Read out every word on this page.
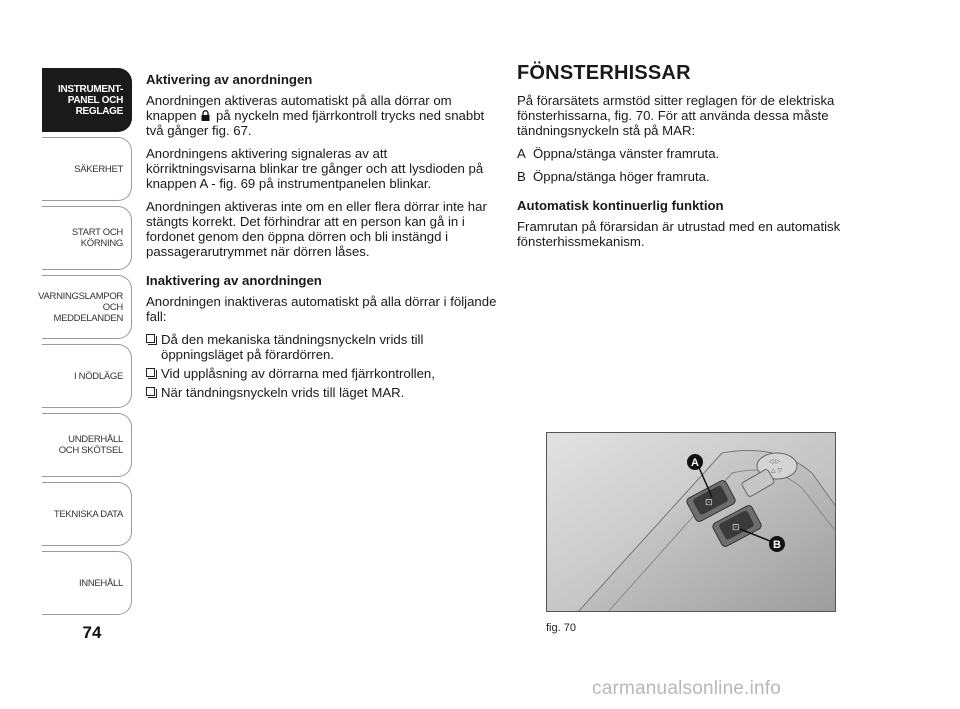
INSTRUMENT-
PANEL OCH
REGLAGE
SÄKERHET
START OCH
KÖRNING
VARNINGSLAMPOR
OCH
MEDDELANDEN
I NÖDLÄGE
UNDERHÅLL
OCH SKÖTSEL
TEKNISKA DATA
INNEHÅLL
74
Aktivering av anordningen

Anordningen aktiveras automatiskt på alla dörrar om knappen på nyckeln med fjärrkontroll trycks ned snabbt två gånger fig. 67.

Anordningens aktivering signaleras av att körriktningsvisarna blinkar tre gånger och att lysdioden på knappen A - fig. 69 på instrumentpanelen blinkar.

Anordningen aktiveras inte om en eller flera dörrar inte har stängts korrekt. Det förhindrar att en person kan gå in i fordonet genom den öppna dörren och bli instängd i passagerarutrymmet när dörren låses.

Inaktivering av anordningen

Anordningen inaktiveras automatiskt på alla dörrar i följande fall:

Då den mekaniska tändningsnyckeln vrids till öppningsläget på förardörren.
Vid upplåsning av dörrarna med fjärrkontrollen,
När tändningsnyckeln vrids till läget MAR.
FÖNSTERHISSAR

På förarsätets armstöd sitter reglagen för de elektriska fönsterhissarna, fig. 70. För att använda dessa måste tändningsnyckeln stå på MAR:

A Öppna/stänga vänster framruta.
B Öppna/stänga höger framruta.
Automatisk kontinuerlig funktion

Framrutan på förarsidan är utrustad med en automatisk fönsterhissmekanism.

◁ ▷
△ ▽
⊡
⊡
A
B
fig. 70
carmanualsonline.info
